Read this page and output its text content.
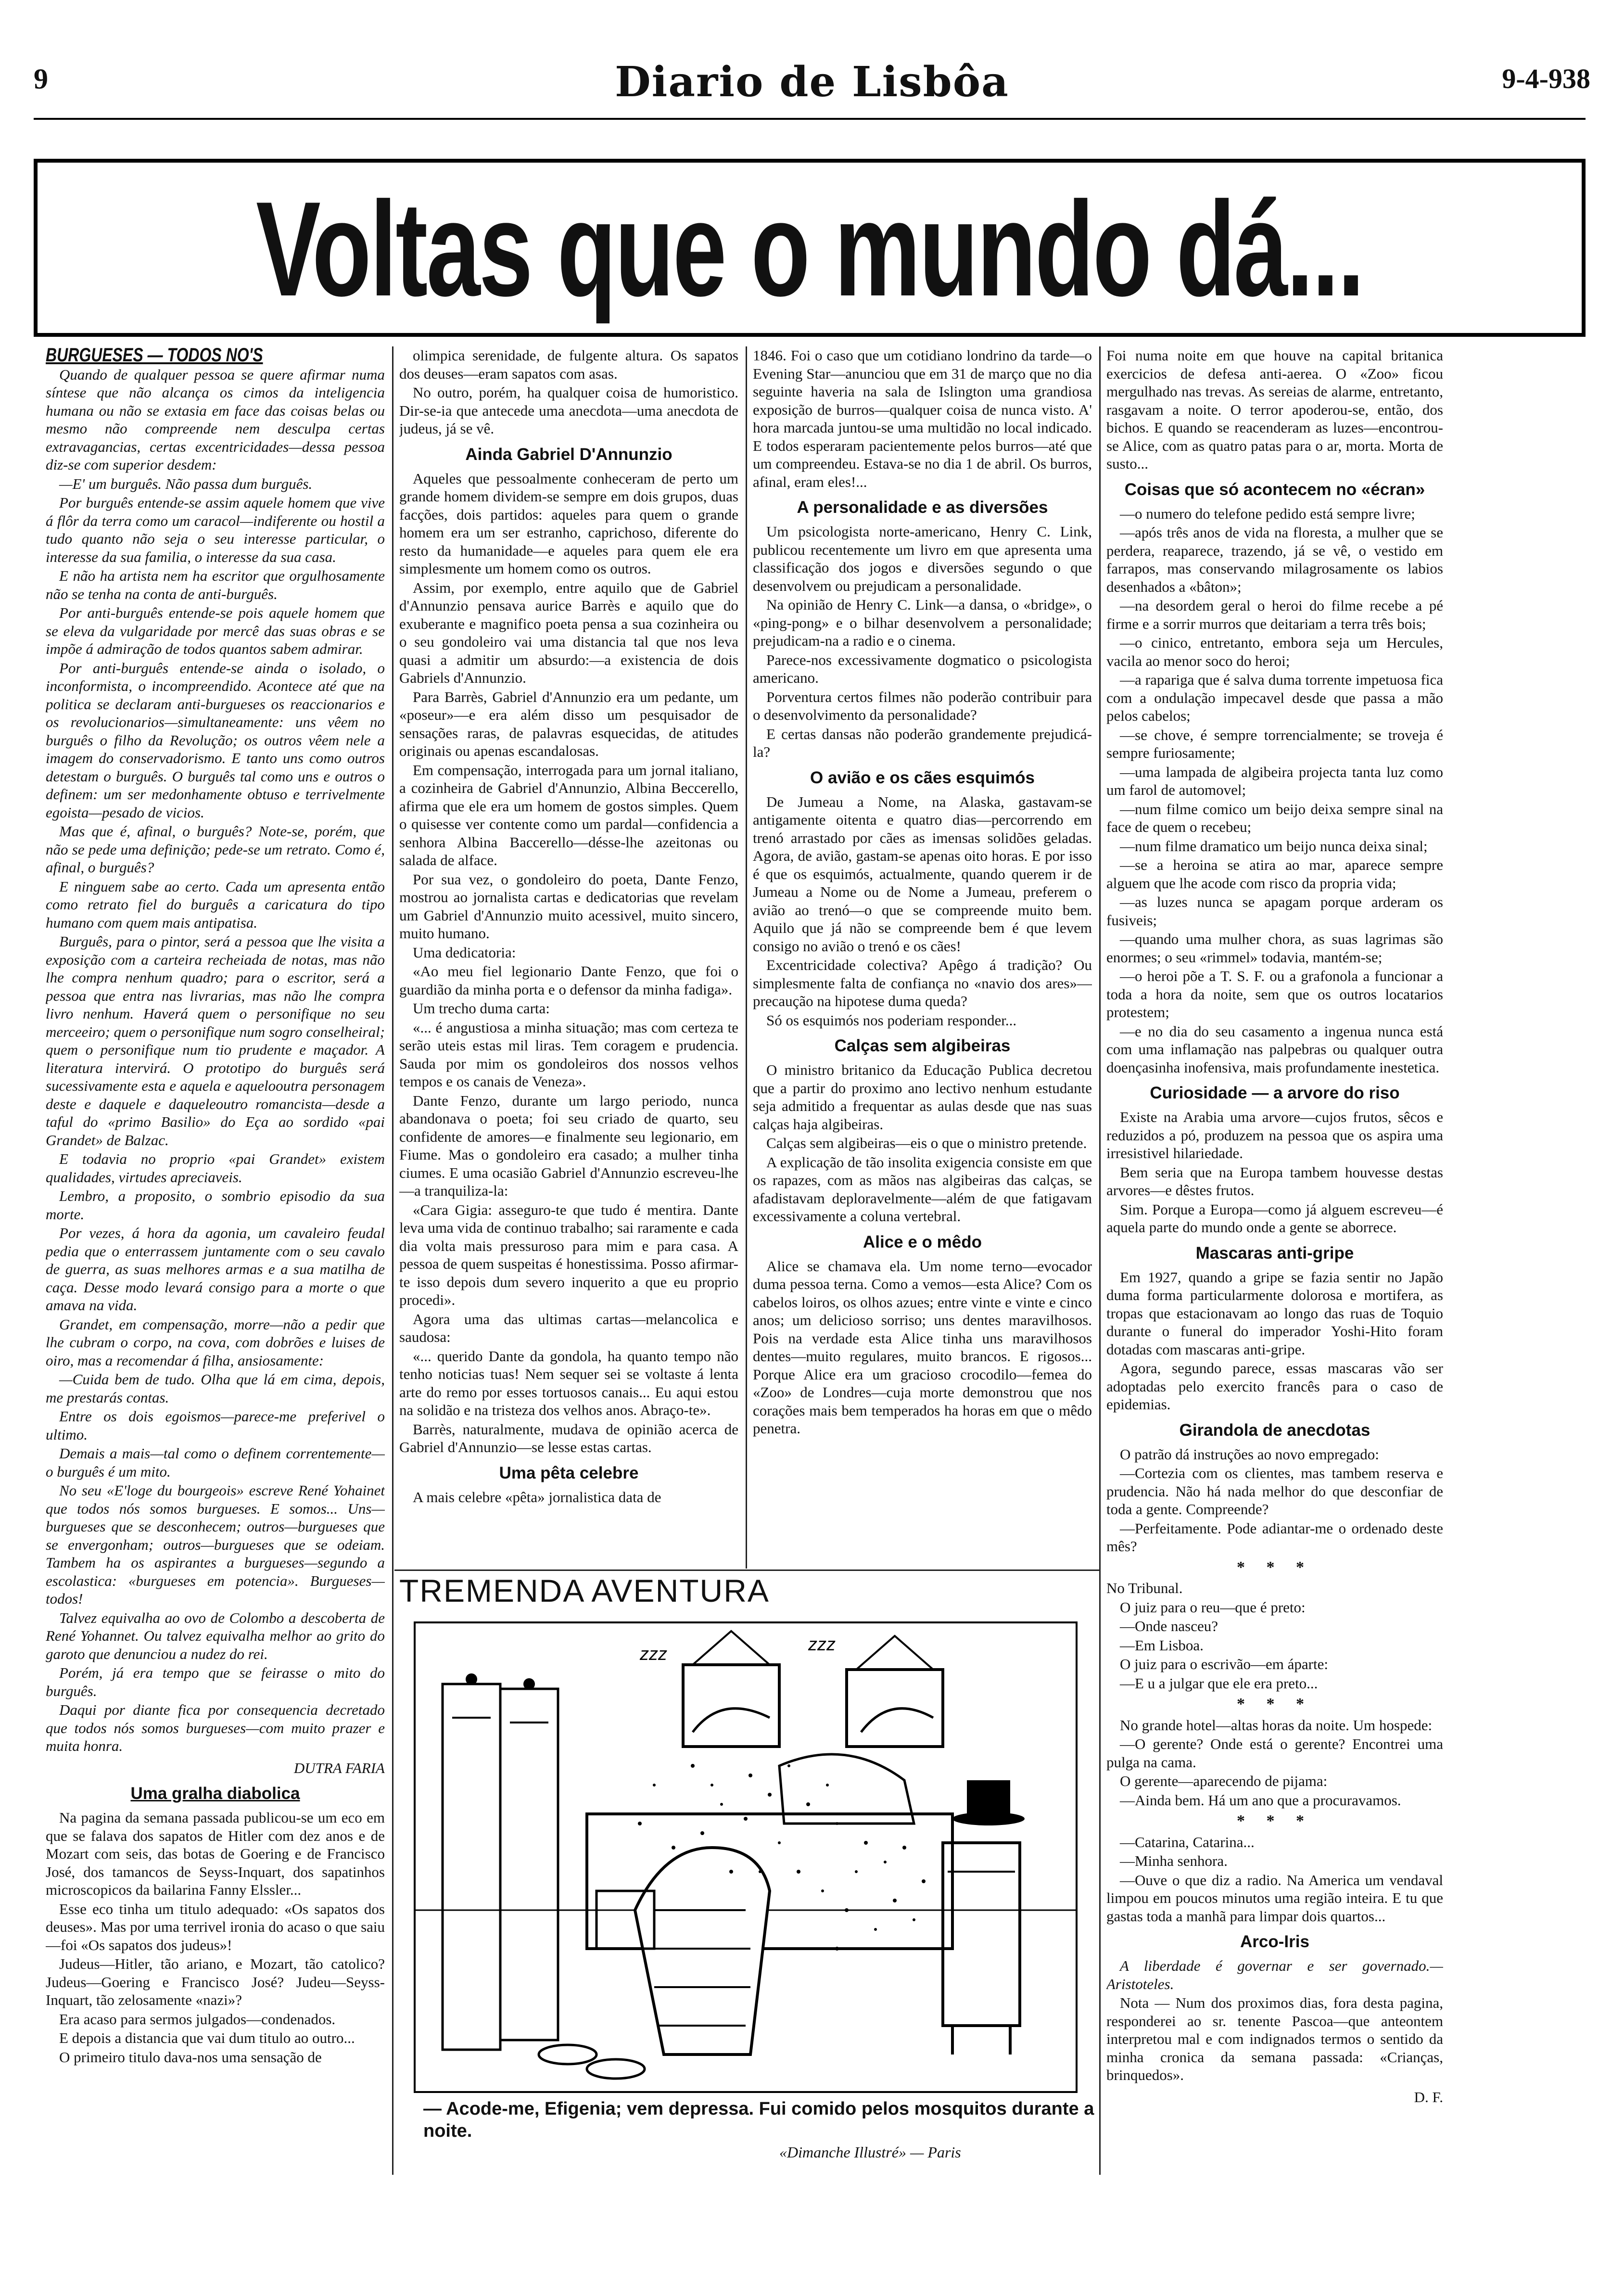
9	Diario de Lisbôa	9-4-938
Voltas que o mundo dá...

BURGUESES — TODOS NO'S

Quando de qualquer pessoa se quere afirmar numa síntese que não alcança os cimos da inteligencia humana ou não se extasia em face das coisas belas ou mesmo não compreende nem desculpa certas extravagancias, certas excentricidades—dessa pessoa diz-se com superior desdem:

—E' um burguês. Não passa dum burguês.

Por burguês entende-se assim aquele homem que vive á flôr da terra como um caracol—indiferente ou hostil a tudo quanto não seja o seu interesse particular, o interesse da sua familia, o interesse da sua casa.

E não ha artista nem ha escritor que orgulhosamente não se tenha na conta de anti-burguês.

Por anti-burguês entende-se pois aquele homem que se eleva da vulgaridade por mercê das suas obras e se impõe á admiração de todos quantos sabem admirar.

Por anti-burguês entende-se ainda o isolado, o inconformista, o incompreendido. Acontece até que na politica se declaram anti-burgueses os reaccionarios e os revolucionarios—simultaneamente: uns vêem no burguês o filho da Revolução; os outros vêem nele a imagem do conservadorismo. E tanto uns como outros detestam o burguês. O burguês tal como uns e outros o definem: um ser medonhamente obtuso e terrivelmente egoista—pesado de vicios.

Mas que é, afinal, o burguês? Note-se, porém, que não se pede uma definição; pede-se um retrato. Como é, afinal, o burguês?

E ninguem sabe ao certo. Cada um apresenta então como retrato fiel do burguês a caricatura do tipo humano com quem mais antipatisa.

Burguês, para o pintor, será a pessoa que lhe visita a exposição com a carteira recheiada de notas, mas não lhe compra nenhum quadro; para o escritor, será a pessoa que entra nas livrarias, mas não lhe compra livro nenhum. Haverá quem o personifique no seu merceeiro; quem o personifique num sogro conselheiral; quem o personifique num tio prudente e maçador. A literatura intervirá. O prototipo do burguês será sucessivamente esta e aquela e aquelooutra personagem deste e daquele e daqueleoutro romancista—desde a taful do «primo Basilio» do Eça ao sordido «pai Grandet» de Balzac.

E todavia no proprio «pai Grandet» existem qualidades, virtudes apreciaveis.

Lembro, a proposito, o sombrio episodio da sua morte.

Por vezes, á hora da agonia, um cavaleiro feudal pedia que o enterrassem juntamente com o seu cavalo de guerra, as suas melhores armas e a sua matilha de caça. Desse modo levará consigo para a morte o que amava na vida.

Grandet, em compensação, morre—não a pedir que lhe cubram o corpo, na cova, com dobrões e luises de oiro, mas a recomendar á filha, ansiosamente:

—Cuida bem de tudo. Olha que lá em cima, depois, me prestarás contas.

Entre os dois egoismos—parece-me preferivel o ultimo.

Demais a mais—tal como o definem correntemente—o burguês é um mito.

No seu «E'loge du bourgeois» escreve René Yohainet que todos nós somos burgueses. E somos... Uns—burgueses que se desconhecem; outros—burgueses que se envergonham; outros—burgueses que se odeiam. Tambem ha os aspirantes a burgueses—segundo a escolastica: «burgueses em potencia». Burgueses—todos!

Talvez equivalha ao ovo de Colombo a descoberta de René Yohannet. Ou talvez equivalha melhor ao grito do garoto que denunciou a nudez do rei.

Porém, já era tempo que se feirasse o mito do burguês.

Daqui por diante fica por consequencia decretado que todos nós somos burgueses—com muito prazer e muita honra.

DUTRA FARIA

Uma gralha diabolica

Na pagina da semana passada publicou-se um eco em que se falava dos sapatos de Hitler com dez anos e de Mozart com seis, das botas de Goering e de Francisco José, dos tamancos de Seyss-Inquart, dos sapatinhos microscopicos da bailarina Fanny Elssler...

Esse eco tinha um titulo adequado: «Os sapatos dos deuses». Mas por uma terrivel ironia do acaso o que saiu—foi «Os sapatos dos judeus»!

Judeus—Hitler, tão ariano, e Mozart, tão catolico? Judeus—Goering e Francisco José? Judeu—Seyss-Inquart, tão zelosamente «nazi»?

Era acaso para sermos julgados—condenados.

E depois a distancia que vai dum titulo ao outro...

O primeiro titulo dava-nos uma sensação de

olimpica serenidade, de fulgente altura. Os sapatos dos deuses—eram sapatos com asas.

No outro, porém, ha qualquer coisa de humoristico. Dir-se-ia que antecede uma anecdota—uma anecdota de judeus, já se vê.

Ainda Gabriel D'Annunzio

Aqueles que pessoalmente conheceram de perto um grande homem dividem-se sempre em dois grupos, duas facções, dois partidos: aqueles para quem o grande homem era um ser estranho, caprichoso, diferente do resto da humanidade—e aqueles para quem ele era simplesmente um homem como os outros.

Assim, por exemplo, entre aquilo que de Gabriel d'Annunzio pensava aurice Barrès e aquilo que do exuberante e magnifico poeta pensa a sua cozinheira ou o seu gondoleiro vai uma distancia tal que nos leva quasi a admitir um absurdo:—a existencia de dois Gabriels d'Annunzio.

Para Barrès, Gabriel d'Annunzio era um pedante, um «poseur»—e era além disso um pesquisador de sensações raras, de palavras esquecidas, de atitudes originais ou apenas escandalosas.

Em compensação, interrogada para um jornal italiano, a cozinheira de Gabriel d'Annunzio, Albina Beccerello, afirma que ele era um homem de gostos simples. Quem o quisesse ver contente como um pardal—confidencia a senhora Albina Baccerello—désse-lhe azeitonas ou salada de alface.

Por sua vez, o gondoleiro do poeta, Dante Fenzo, mostrou ao jornalista cartas e dedicatorias que revelam um Gabriel d'Annunzio muito acessivel, muito sincero, muito humano.

Uma dedicatoria:

«Ao meu fiel legionario Dante Fenzo, que foi o guardião da minha porta e o defensor da minha fadiga».

Um trecho duma carta:

«... é angustiosa a minha situação; mas com certeza te serão uteis estas mil liras. Tem coragem e prudencia. Sauda por mim os gondoleiros dos nossos velhos tempos e os canais de Veneza».

Dante Fenzo, durante um largo periodo, nunca abandonava o poeta; foi seu criado de quarto, seu confidente de amores—e finalmente seu legionario, em Fiume. Mas o gondoleiro era casado; a mulher tinha ciumes. E uma ocasião Gabriel d'Annunzio escreveu-lhe—a tranquiliza-la:

«Cara Gigia: asseguro-te que tudo é mentira. Dante leva uma vida de continuo trabalho; sai raramente e cada dia volta mais pressuroso para mim e para casa. A pessoa de quem suspeitas é honestissima. Posso afirmar-te isso depois dum severo inquerito a que eu proprio procedi».

Agora uma das ultimas cartas—melancolica e saudosa:

«... querido Dante da gondola, ha quanto tempo não tenho noticias tuas! Nem sequer sei se voltaste á lenta arte do remo por esses tortuosos canais... Eu aqui estou na solidão e na tristeza dos velhos anos. Abraço-te».

Barrès, naturalmente, mudava de opinião acerca de Gabriel d'Annunzio—se lesse estas cartas.

Uma pêta celebre

A mais celebre «pêta» jornalistica data de

1846. Foi o caso que um cotidiano londrino da tarde—o Evening Star—anunciou que em 31 de março que no dia seguinte haveria na sala de Islington uma grandiosa exposição de burros—qualquer coisa de nunca visto. A' hora marcada juntou-se uma multidão no local indicado. E todos esperaram pacientemente pelos burros—até que um compreendeu. Estava-se no dia 1 de abril. Os burros, afinal, eram eles!...

A personalidade e as diversões

Um psicologista norte-americano, Henry C. Link, publicou recentemente um livro em que apresenta uma classificação dos jogos e diversões segundo o que desenvolvem ou prejudicam a personalidade.

Na opinião de Henry C. Link—a dansa, o «bridge», o «ping-pong» e o bilhar desenvolvem a personalidade; prejudicam-na a radio e o cinema.

Parece-nos excessivamente dogmatico o psicologista americano.

Porventura certos filmes não poderão contribuir para o desenvolvimento da personalidade?

E certas dansas não poderão grandemente prejudicá-la?

O avião e os cães esquimós

De Jumeau a Nome, na Alaska, gastavam-se antigamente oitenta e quatro dias—percorrendo em trenó arrastado por cães as imensas solidões geladas. Agora, de avião, gastam-se apenas oito horas. E por isso é que os esquimós, actualmente, quando querem ir de Jumeau a Nome ou de Nome a Jumeau, preferem o avião ao trenó—o que se compreende muito bem. Aquilo que já não se compreende bem é que levem consigo no avião o trenó e os cães!

Excentricidade colectiva? Apêgo á tradição? Ou simplesmente falta de confiança no «navio dos ares»—precaução na hipotese duma queda?

Só os esquimós nos poderiam responder...

Calças sem algibeiras

O ministro britanico da Educação Publica decretou que a partir do proximo ano lectivo nenhum estudante seja admitido a frequentar as aulas desde que nas suas calças haja algibeiras.

Calças sem algibeiras—eis o que o ministro pretende.

A explicação de tão insolita exigencia consiste em que os rapazes, com as mãos nas algibeiras das calças, se afadistavam deploravelmente—além de que fatigavam excessivamente a coluna vertebral.

Alice e o mêdo

Alice se chamava ela. Um nome terno—evocador duma pessoa terna. Como a vemos—esta Alice? Com os cabelos loiros, os olhos azues; entre vinte e vinte e cinco anos; um delicioso sorriso; uns dentes maravilhosos. Pois na verdade esta Alice tinha uns maravilhosos dentes—muito regulares, muito brancos. E rigosos... Porque Alice era um gracioso crocodilo—femea do «Zoo» de Londres—cuja morte demonstrou que nos corações mais bem temperados ha horas em que o mêdo penetra.

Foi numa noite em que houve na capital britanica exercicios de defesa anti-aerea. O «Zoo» ficou mergulhado nas trevas. As sereias de alarme, entretanto, rasgavam a noite. O terror apoderou-se, então, dos bichos. E quando se reacenderam as luzes—encontrou-se Alice, com as quatro patas para o ar, morta. Morta de susto...

Coisas que só acontecem no «écran»

—o numero do telefone pedido está sempre livre;

—após três anos de vida na floresta, a mulher que se perdera, reaparece, trazendo, já se vê, o vestido em farrapos, mas conservando milagrosamente os labios desenhados a «bâton»;

—na desordem geral o heroi do filme recebe a pé firme e a sorrir murros que deitariam a terra três bois;

—o cinico, entretanto, embora seja um Hercules, vacila ao menor soco do heroi;

—a rapariga que é salva duma torrente impetuosa fica com a ondulação impecavel desde que passa a mão pelos cabelos;

—se chove, é sempre torrencialmente; se troveja é sempre furiosamente;

—uma lampada de algibeira projecta tanta luz como um farol de automovel;

—num filme comico um beijo deixa sempre sinal na face de quem o recebeu;

—num filme dramatico um beijo nunca deixa sinal;

—se a heroina se atira ao mar, aparece sempre alguem que lhe acode com risco da propria vida;

—as luzes nunca se apagam porque arderam os fusiveis;

—quando uma mulher chora, as suas lagrimas são enormes; o seu «rimmel» todavia, mantém-se;

—o heroi põe a T. S. F. ou a grafonola a funcionar a toda a hora da noite, sem que os outros locatarios protestem;

—e no dia do seu casamento a ingenua nunca está com uma inflamação nas palpebras ou qualquer outra doençasinha inofensiva, mais profundamente inestetica.

Curiosidade — a arvore do riso

Existe na Arabia uma arvore—cujos frutos, sêcos e reduzidos a pó, produzem na pessoa que os aspira uma irresistivel hilariedade.

Bem seria que na Europa tambem houvesse destas arvores—e dêstes frutos.

Sim. Porque a Europa—como já alguem escreveu—é aquela parte do mundo onde a gente se aborrece.

Mascaras anti-gripe

Em 1927, quando a gripe se fazia sentir no Japão duma forma particularmente dolorosa e mortifera, as tropas que estacionavam ao longo das ruas de Toquio durante o funeral do imperador Yoshi-Hito foram dotadas com mascaras anti-gripe.

Agora, segundo parece, essas mascaras vão ser adoptadas pelo exercito francês para o caso de epidemias.

Girandola de anecdotas

O patrão dá instruções ao novo empregado:

—Cortezia com os clientes, mas tambem reserva e prudencia. Não há nada melhor do que desconfiar de toda a gente. Compreende?

—Perfeitamente. Pode adiantar-me o ordenado deste mês?

* * *

No Tribunal.

O juiz para o reu—que é preto:

—Onde nasceu?

—Em Lisboa.

O juiz para o escrivão—em áparte:

—E u a julgar que ele era preto...

* * *

No grande hotel—altas horas da noite. Um hospede:

—O gerente? Onde está o gerente? Encontrei uma pulga na cama.

O gerente—aparecendo de pijama:

—Ainda bem. Há um ano que a procuravamos.

* * *

—Catarina, Catarina...

—Minha senhora.

—Ouve o que diz a radio. Na America um vendaval limpou em poucos minutos uma região inteira. E tu que gastas toda a manhã para limpar dois quartos...

Arco-Iris

A liberdade é governar e ser governado.— Aristoteles.

Nota — Num dos proximos dias, fora desta pagina, responderei ao sr. tenente Pascoa—que anteontem interpretou mal e com indignados termos o sentido da minha cronica da semana passada: «Crianças, brinquedos».

D. F.

TREMENDA AVENTURA
zzz	zzz
— Acode-me, Efigenia; vem depressa. Fui comido pelos mosquitos durante a noite.
«Dimanche Illustré» — Paris
